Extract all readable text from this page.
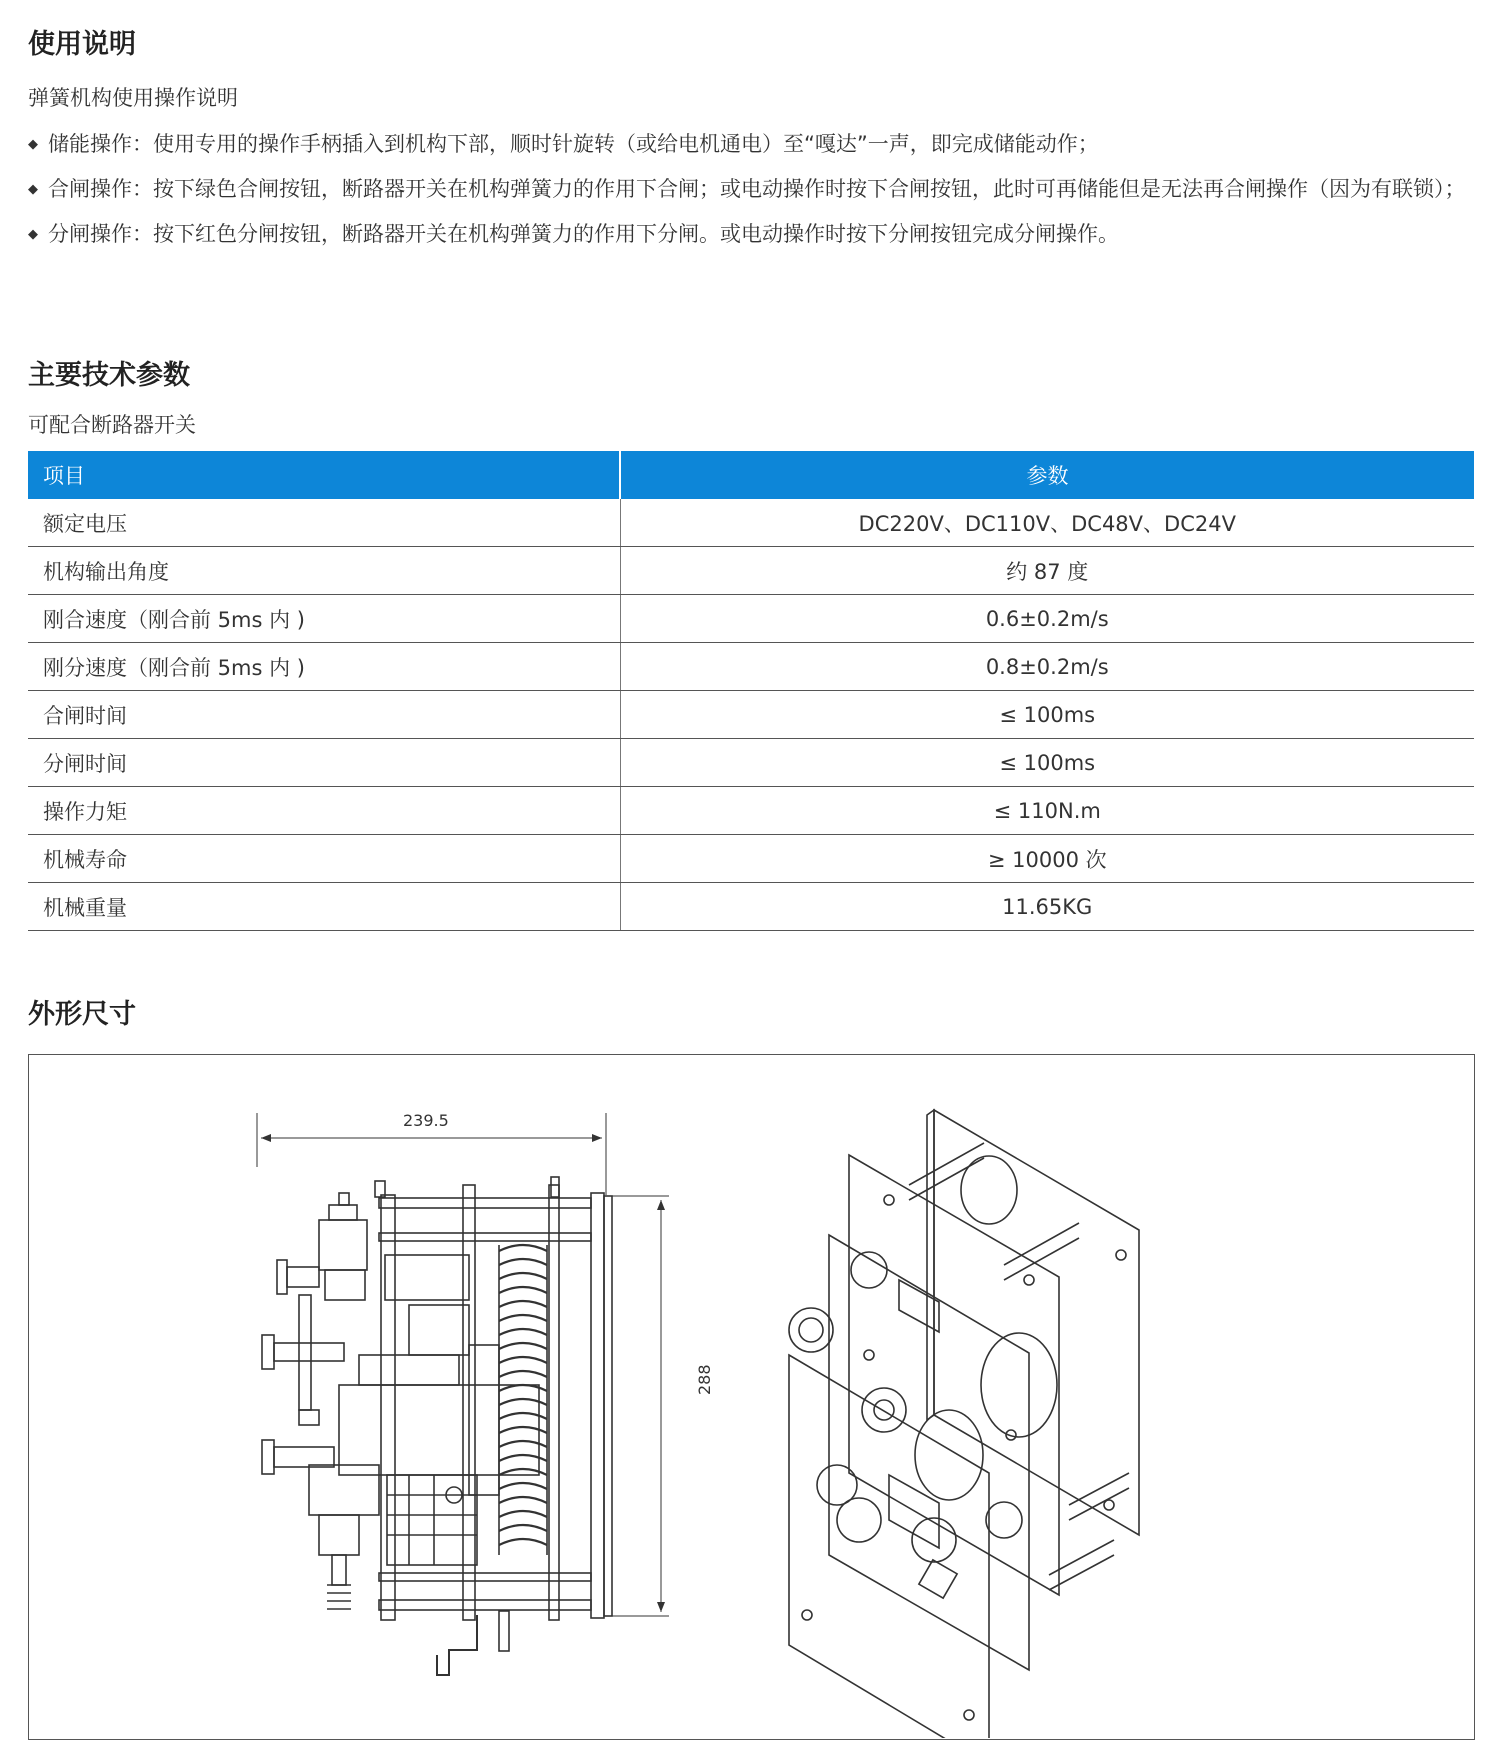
使用说明

弹簧机构使用操作说明

◆ 储能操作：使用专用的操作手柄插入到机构下部，顺时针旋转（或给电机通电）至“嘎达”一声，即完成储能动作；
◆ 合闸操作：按下绿色合闸按钮，断路器开关在机构弹簧力的作用下合闸；或电动操作时按下合闸按钮，此时可再储能但是无法再合闸操作（因为有联锁）；
◆ 分闸操作：按下红色分闸按钮，断路器开关在机构弹簧力的作用下分闸。或电动操作时按下分闸按钮完成分闸操作。
主要技术参数

可配合断路器开关

项目	参数
额定电压	DC220V、DC110V、DC48V、DC24V
机构输出角度	约 87 度
刚合速度（刚合前 5ms 内 )	0.6±0.2m/s
刚分速度（刚合前 5ms 内 )	0.8±0.2m/s
合闸时间	≤ 100ms
分闸时间	≤ 100ms
操作力矩	≤ 110N.m
机械寿命	≥ 10000 次
机械重量	11.65KG
外形尺寸
239.5
288
